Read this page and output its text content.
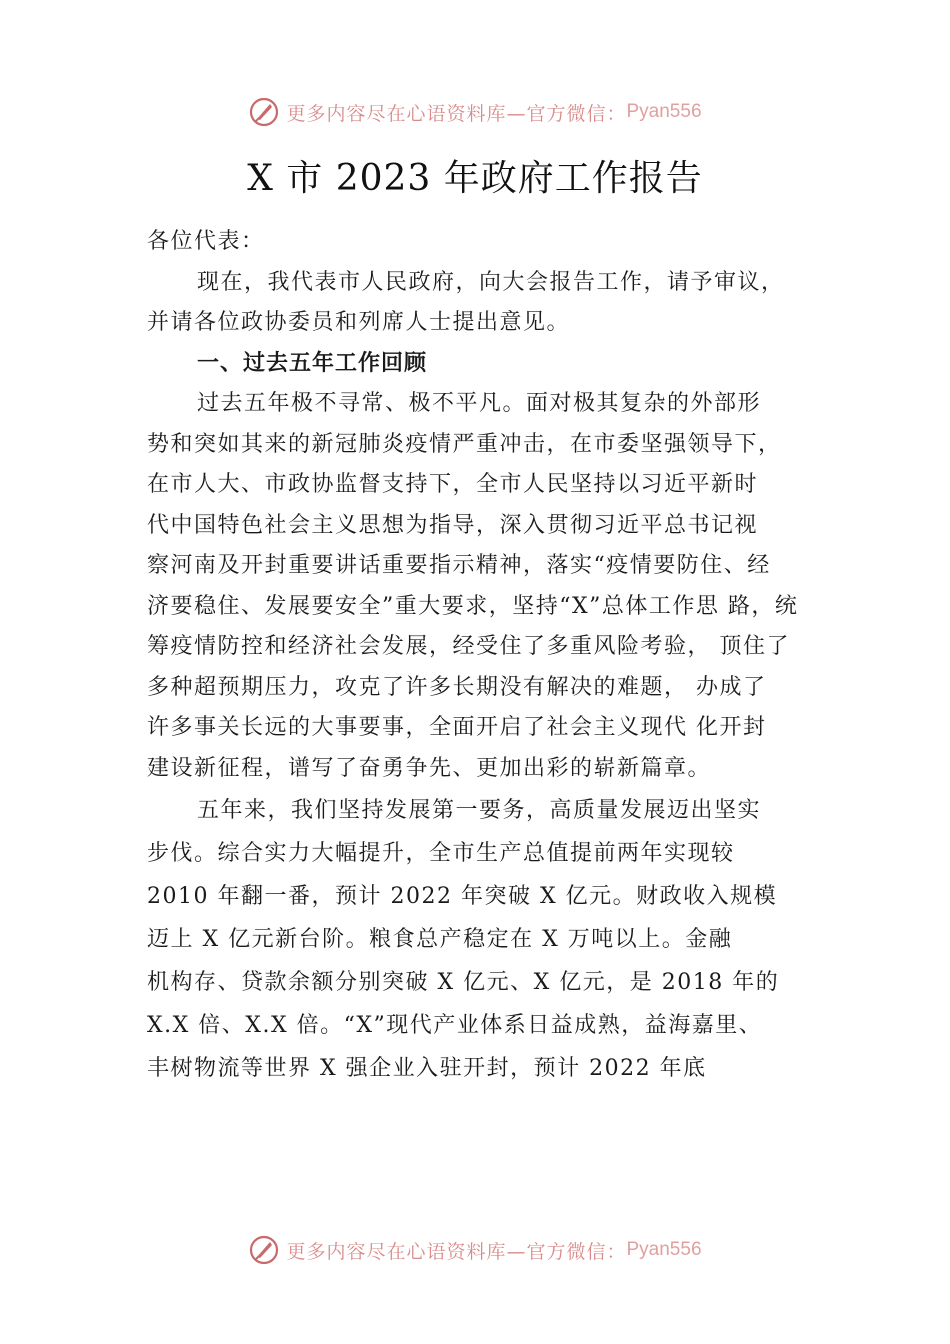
更多内容尽在心语资料库 —官方微信： Pyan556
X 市 2023 年政府工作报告

各位代表：

现在，我代表市人民政府，向大会报告工作，请予审议，

并请各位政协委员和列席人士提出意见。

一、过去五年工作回顾

过去五年极不寻常、极不平凡。面对极其复杂的外部形

势和突如其来的新冠肺炎疫情严重冲击，在市委坚强领导下，

在市人大、市政协监督支持下，全市人民坚持以习近平新时

代中国特色社会主义思想为指导，深入贯彻习近平总书记视

察河南及开封重要讲话重要指示精神，落实“疫情要防住、经

济要稳住、发展要安全”重大要求，坚持“X”总体工作思 路，统

筹疫情防控和经济社会发展，经受住了多重风险考验， 顶住了

多种超预期压力，攻克了许多长期没有解决的难题， 办成了

许多事关长远的大事要事，全面开启了社会主义现代 化开封

建设新征程，谱写了奋勇争先、更加出彩的崭新篇章。

五年来，我们坚持发展第一要务，高质量发展迈出坚实

步伐。综合实力大幅提升，全市生产总值提前两年实现较

2010 年翻一番，预计 2022 年突破 X 亿元。财政收入规模

迈上 X 亿元新台阶。粮食总产稳定在 X 万吨以上。金融

机构存、贷款余额分别突破 X 亿元、X 亿元，是 2018 年的

X.X 倍、X.X 倍。“X”现代产业体系日益成熟，益海嘉里、

丰树物流等世界 X 强企业入驻开封，预计 2022 年底

更多内容尽在心语资料库 —官方微信： Pyan556
